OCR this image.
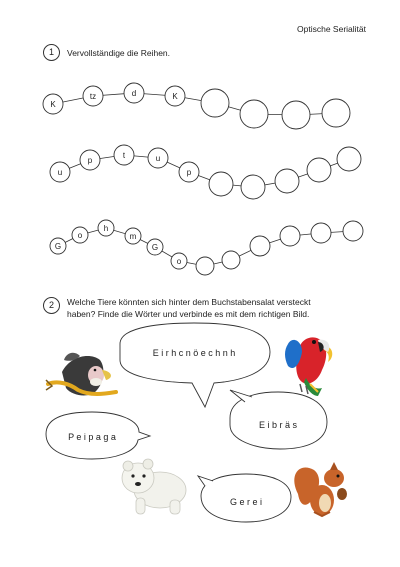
Optische Serialität
1	Vervollständige die Reihen.
K
tz	d	K
u
p
t	u
p
G
o
h
m
G
o
2	Welche Tiere könnten sich hinter dem Buchstabensalat versteckt

haben? Finde die Wörter und verbinde es mit dem richtigen Bild.

E i r h c n ö e c h n h
E i b r ä s
P e i p a g a
G e r e i
